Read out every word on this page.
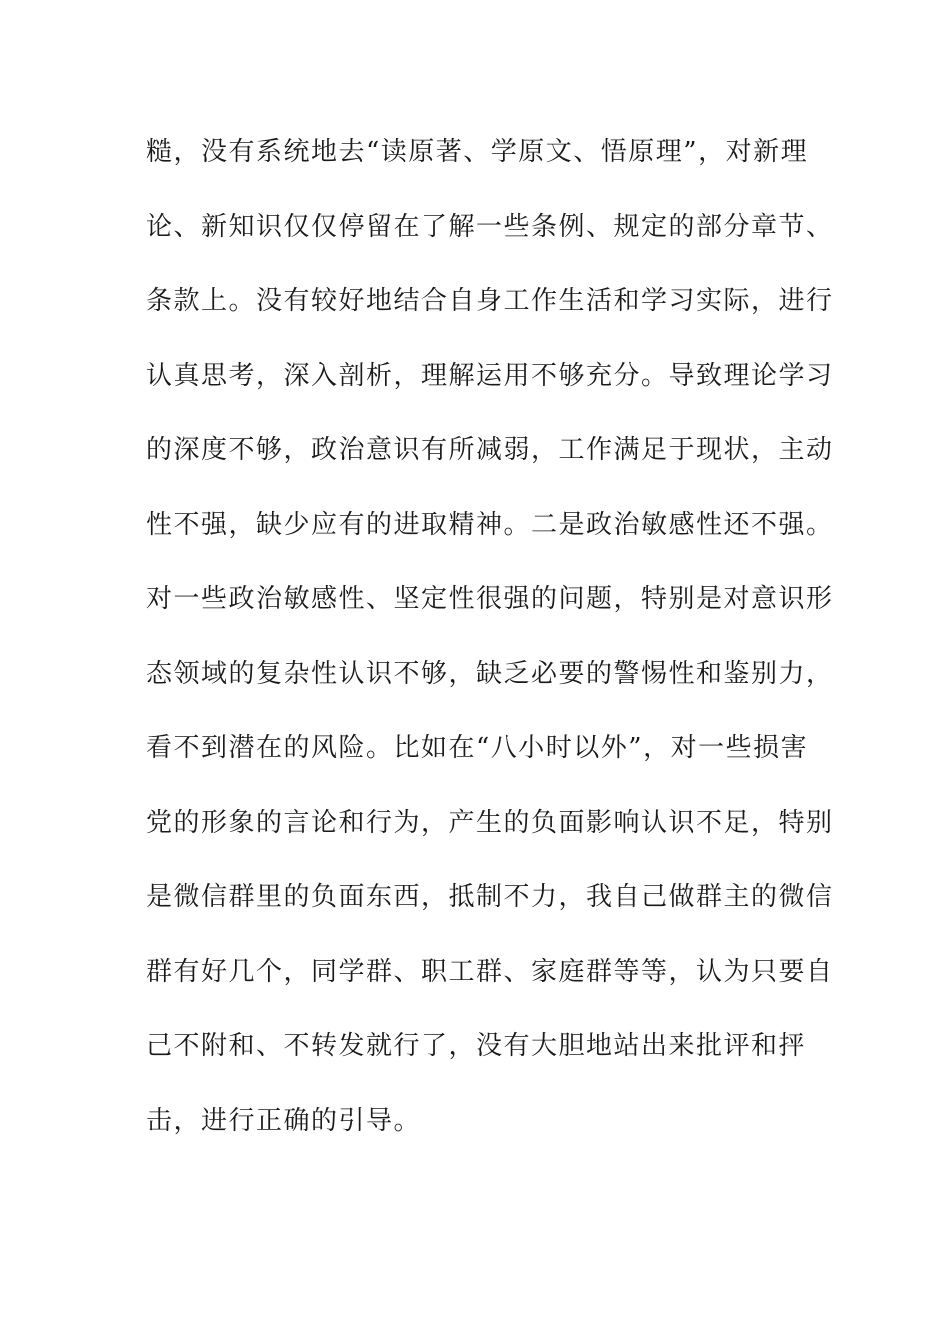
糙，没有系统地去“读原著、学原文、悟原理”，对新理
论、新知识仅仅停留在了解一些条例、规定的部分章节、
条款上。没有较好地结合自身工作生活和学习实际，进行
认真思考，深入剖析，理解运用不够充分。导致理论学习
的深度不够，政治意识有所减弱，工作满足于现状，主动
性不强，缺少应有的进取精神。二是政治敏感性还不强。
对一些政治敏感性、坚定性很强的问题，特别是对意识形
态领域的复杂性认识不够，缺乏必要的警惕性和鉴别力，
看不到潜在的风险。比如在“八小时以外”，对一些损害
党的形象的言论和行为，产生的负面影响认识不足，特别
是微信群里的负面东西，抵制不力，我自己做群主的微信
群有好几个，同学群、职工群、家庭群等等，认为只要自
己不附和、不转发就行了，没有大胆地站出来批评和抨
击，进行正确的引导。
